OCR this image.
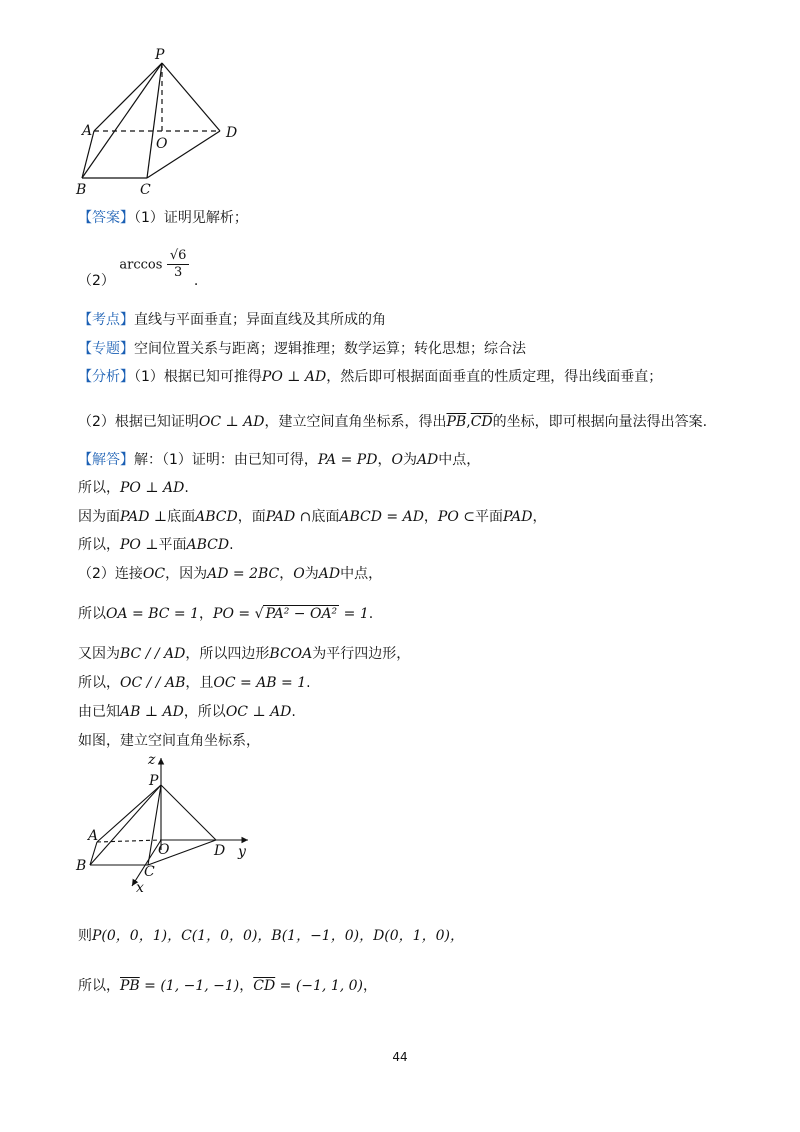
P
A
O
D
B	C
【答案】（1）证明见解析；
（2） $\arccos \frac{√6}{3}$ .
【考点】直线与平面垂直；异面直线及其所成的角
【专题】空间位置关系与距离；逻辑推理；数学运算；转化思想；综合法
【分析】（1）根据已知可推得PO ⊥ AD，然后即可根据面面垂直的性质定理，得出线面垂直；
（2）根据已知证明OC ⊥ AD，建立空间直角坐标系，得出$\overline{PB},\overline{CD}$的坐标，即可根据向量法得出答案.
【解答】解：（1）证明：由已知可得，PA = PD，O为AD中点，
所以，PO ⊥ AD.
因为面PAD ⊥底面ABCD，面PAD ∩底面ABCD = AD，PO ⊂平面PAD，
所以，PO ⊥平面ABCD.
（2）连接OC，因为AD = 2BC，O为AD中点，
所以OA = BC = 1，PO = √ PA² − OA² = 1.
又因为BC / / AD，所以四边形BCOA为平行四边形，
所以，OC / / AB，且OC = AB = 1.
由已知AB ⊥ AD，所以OC ⊥ AD.
如图，建立空间直角坐标系，
z
P
A
O	D y
B	C
x
则P(0，0，1)，C(1，0，0)，B(1，−1，0)，D(0，1，0)，
所以，$\overline{PB} = (1$, −1, −1)，$\overline{CD} = (-1$, 1, 0)，
44
